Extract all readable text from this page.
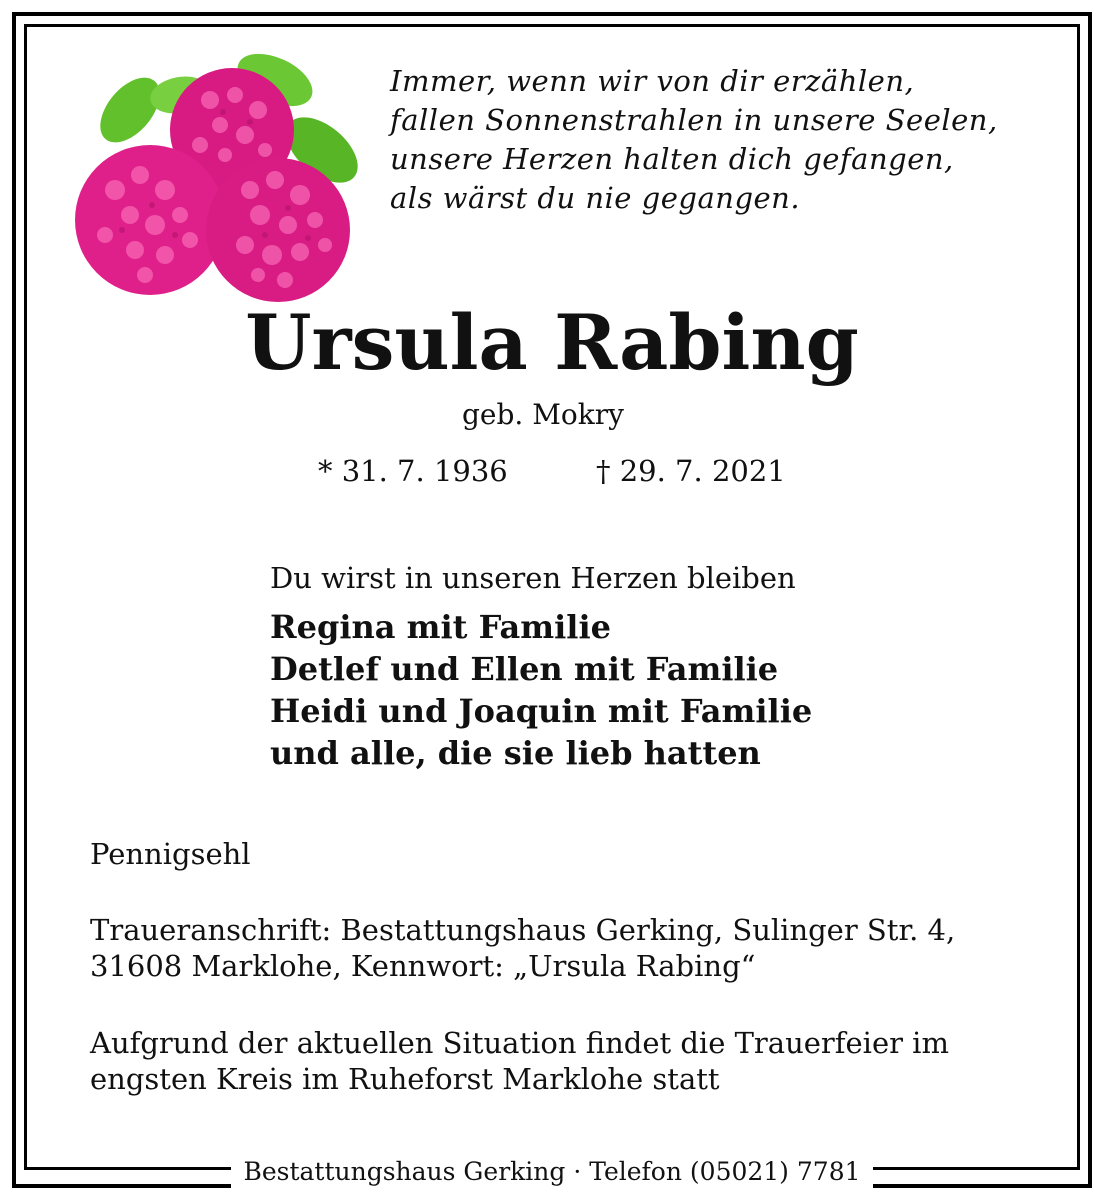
Immer, wenn wir von dir erzählen,
fallen Sonnenstrahlen in unsere Seelen,
unsere Herzen halten dich gefangen,
als wärst du nie gegangen.
Ursula Rabing
geb. Mokry
* 31. 7. 1936	† 29. 7. 2021
Du wirst in unseren Herzen bleiben
Regina mit Familie
Detlef und Ellen mit Familie
Heidi und Joaquin mit Familie
und alle, die sie lieb hatten
Pennigsehl
Traueranschrift: Bestattungshaus Gerking, Sulinger Str. 4,
31608 Marklohe, Kennwort: „Ursula Rabing“
Aufgrund der aktuellen Situation findet die Trauerfeier im
engsten Kreis im Ruheforst Marklohe statt
Bestattungshaus Gerking · Telefon (05021) 7781
